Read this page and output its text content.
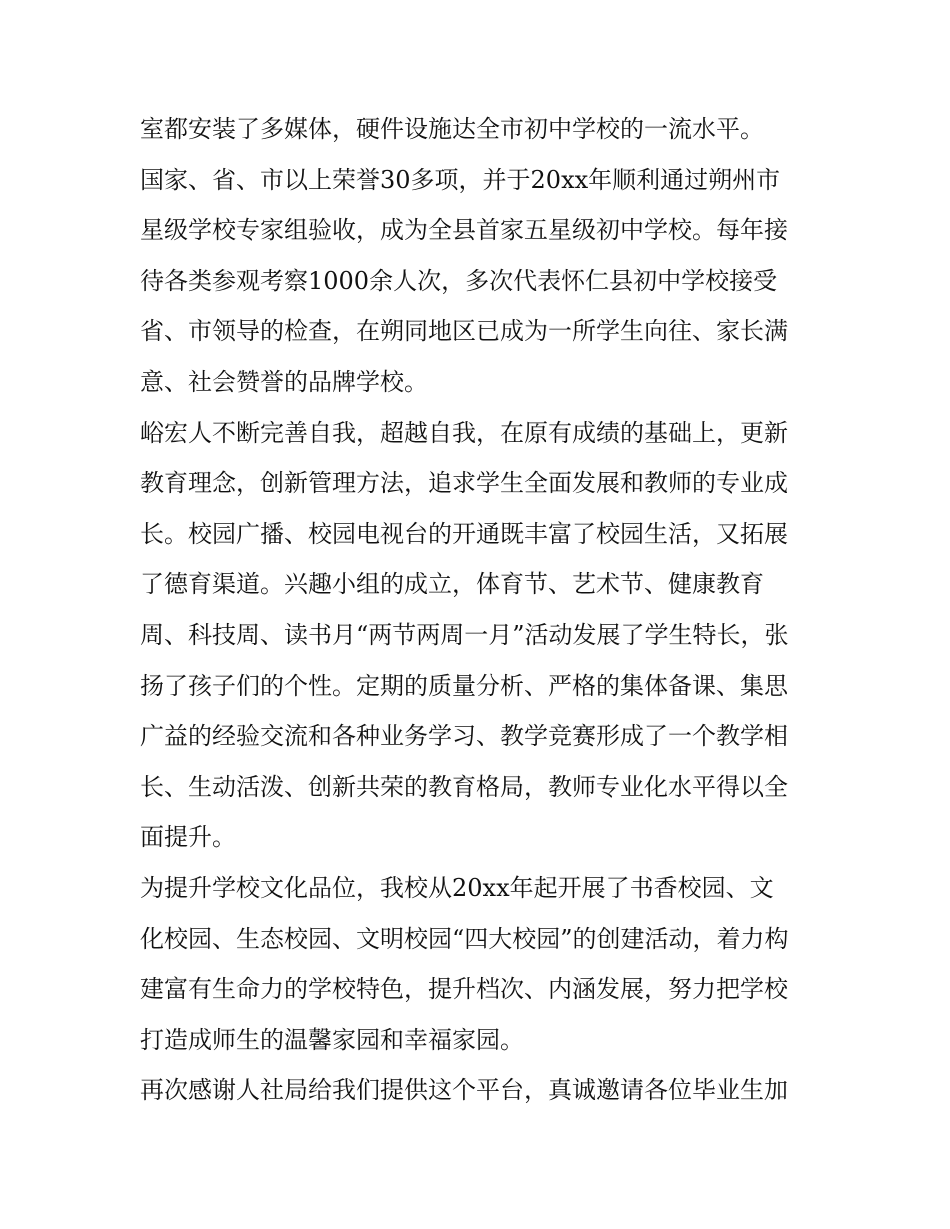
室都安装了多媒体，硬件设施达全市初中学校的一流水平。
国家、省、市以上荣誉30多项，并于20xx年顺利通过朔州市
星级学校专家组验收，成为全县首家五星级初中学校。每年接
待各类参观考察1000余人次，多次代表怀仁县初中学校接受
省、市领导的检查，在朔同地区已成为一所学生向往、家长满
意、社会赞誉的品牌学校。
峪宏人不断完善自我，超越自我，在原有成绩的基础上，更新
教育理念，创新管理方法，追求学生全面发展和教师的专业成
长。校园广播、校园电视台的开通既丰富了校园生活，又拓展
了德育渠道。兴趣小组的成立，体育节、艺术节、健康教育
周、科技周、读书月“两节两周一月”活动发展了学生特长，张
扬了孩子们的个性。定期的质量分析、严格的集体备课、集思
广益的经验交流和各种业务学习、教学竞赛形成了一个教学相
长、生动活泼、创新共荣的教育格局，教师专业化水平得以全
面提升。
为提升学校文化品位，我校从20xx年起开展了书香校园、文
化校园、生态校园、文明校园“四大校园”的创建活动，着力构
建富有生命力的学校特色，提升档次、内涵发展，努力把学校
打造成师生的温馨家园和幸福家园。
再次感谢人社局给我们提供这个平台，真诚邀请各位毕业生加
